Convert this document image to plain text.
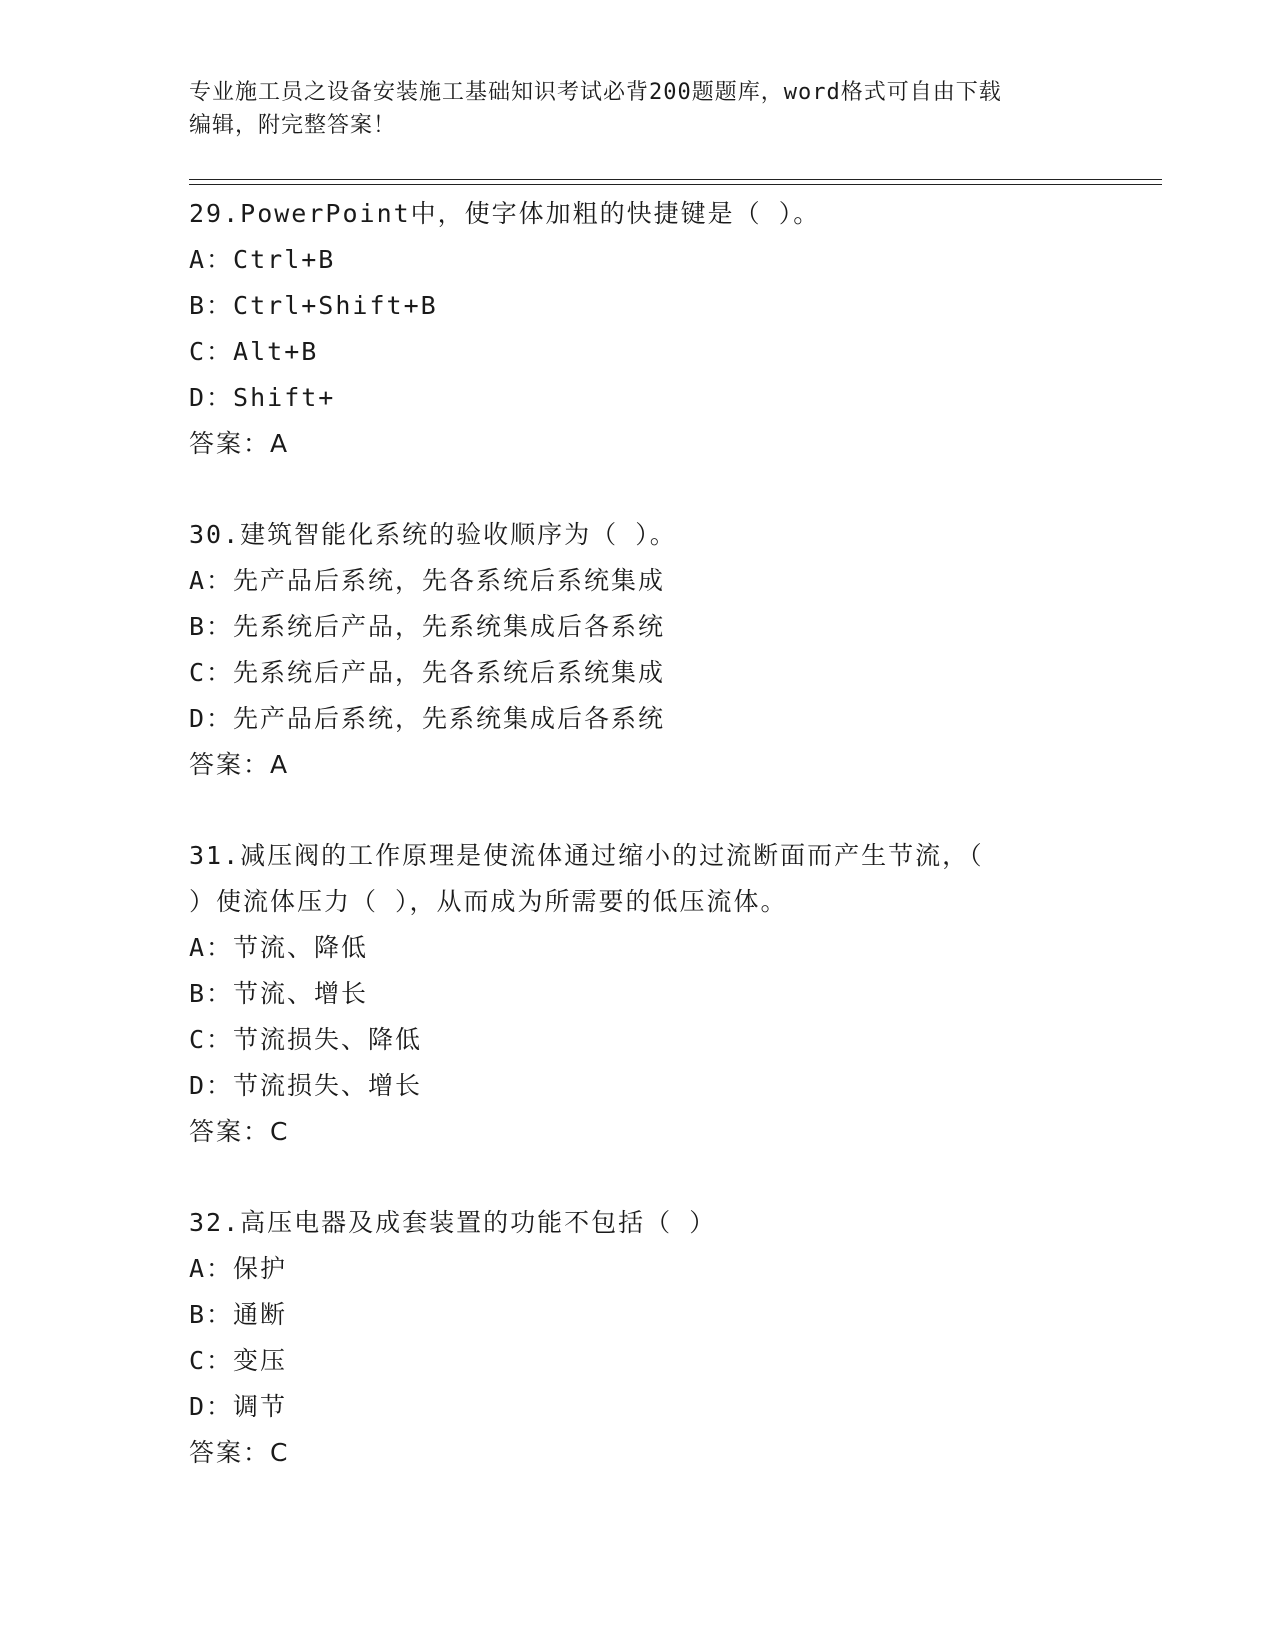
专业施工员之设备安装施工基础知识考试必背200题题库，word格式可自由下载
编辑，附完整答案！
29.PowerPoint中，使字体加粗的快捷键是（ ）。
A：Ctrl+B
B：Ctrl+Shift+B
C：Alt+B
D：Shift+
答案：A
30.建筑智能化系统的验收顺序为（ ）。
A：先产品后系统，先各系统后系统集成
B：先系统后产品，先系统集成后各系统
C：先系统后产品，先各系统后系统集成
D：先产品后系统，先系统集成后各系统
答案：A
31.减压阀的工作原理是使流体通过缩小的过流断面而产生节流，（
）使流体压力（ ），从而成为所需要的低压流体。
A：节流、降低
B：节流、增长
C：节流损失、降低
D：节流损失、增长
答案：C
32.高压电器及成套装置的功能不包括（ ）
A：保护
B：通断
C：变压
D：调节
答案：C
